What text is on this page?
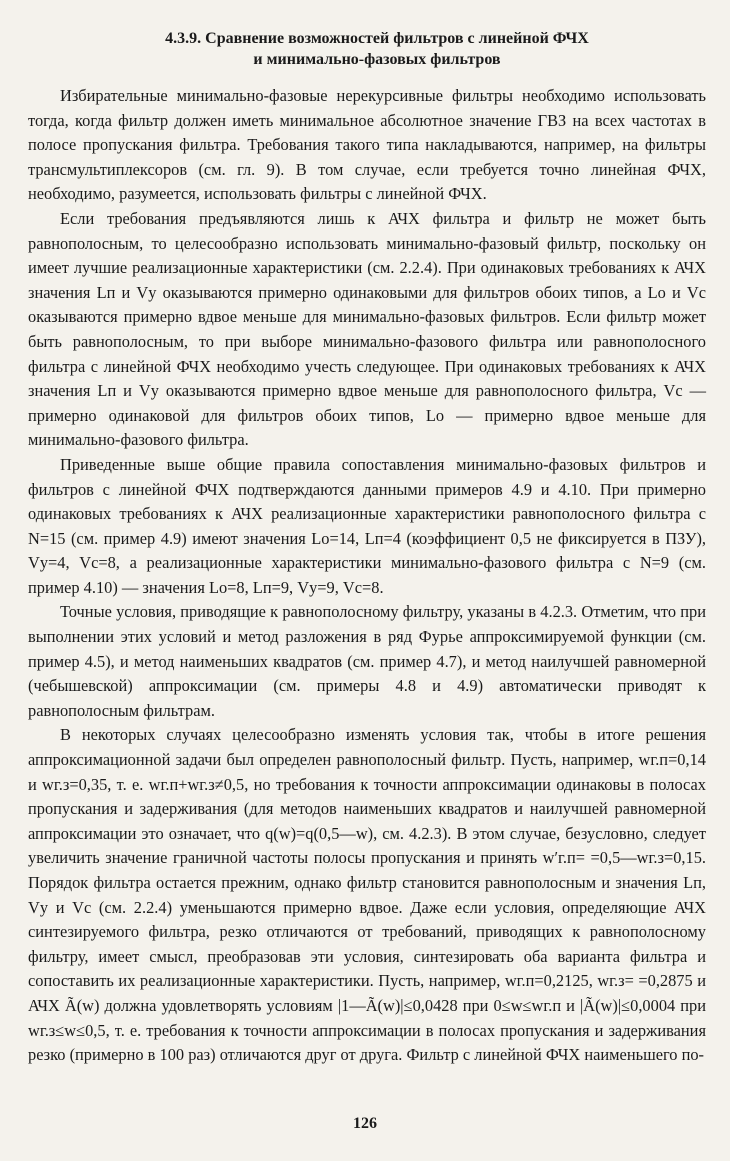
4.3.9. Сравнение возможностей фильтров с линейной ФЧХ
и минимально-фазовых фильтров

Избирательные минимально-фазовые нерекурсивные фильтры необходимо использовать тогда, когда фильтр должен иметь минимальное абсолютное значение ГВЗ на всех частотах в полосе пропускания фильтра. Требования такого типа накладываются, например, на фильтры трансмультиплексоров (см. гл. 9). В том случае, если требуется точно линейная ФЧХ, необходимо, разумеется, использовать фильтры с линейной ФЧХ.

Если требования предъявляются лишь к АЧХ фильтра и фильтр не может быть равнополосным, то целесообразно использовать минимально-фазовый фильтр, поскольку он имеет лучшие реализационные характеристики (см. 2.2.4). При одинаковых требованиях к АЧХ значения Lп и Vу оказываются примерно одинаковыми для фильтров обоих типов, а Lо и Vс оказываются примерно вдвое меньше для минимально-фазовых фильтров. Если фильтр может быть равнополосным, то при выборе минимально-фазового фильтра или равнополосного фильтра с линейной ФЧХ необходимо учесть следующее. При одинаковых требованиях к АЧХ значения Lп и Vу оказываются примерно вдвое меньше для равнополосного фильтра, Vс — примерно одинаковой для фильтров обоих типов, Lо — примерно вдвое меньше для минимально-фазового фильтра.

Приведенные выше общие правила сопоставления минимально-фазовых фильтров и фильтров с линейной ФЧХ подтверждаются данными примеров 4.9 и 4.10. При примерно одинаковых требованиях к АЧХ реализационные характеристики равнополосного фильтра с N=15 (см. пример 4.9) имеют значения Lо=14, Lп=4 (коэффициент 0,5 не фиксируется в ПЗУ), Vу=4, Vс=8, а реализационные характеристики минимально-фазового фильтра с N=9 (см. пример 4.10) — значения Lо=8, Lп=9, Vу=9, Vс=8.

Точные условия, приводящие к равнополосному фильтру, указаны в 4.2.3. Отметим, что при выполнении этих условий и метод разложения в ряд Фурье аппроксимируемой функции (см. пример 4.5), и метод наименьших квадратов (см. пример 4.7), и метод наилучшей равномерной (чебышевской) аппроксимации (см. примеры 4.8 и 4.9) автоматически приводят к равнополосным фильтрам.

В некоторых случаях целесообразно изменять условия так, чтобы в итоге решения аппроксимационной задачи был определен равнополосный фильтр. Пусть, например, wг.п=0,14 и wг.з=0,35, т. е. wг.п+wг.з≠0,5, но требования к точности аппроксимации одинаковы в полосах пропускания и задерживания (для методов наименьших квадратов и наилучшей равномерной аппроксимации это означает, что q(w)=q(0,5—w), см. 4.2.3). В этом случае, безусловно, следует увеличить значение граничной частоты полосы пропускания и принять w′г.п= =0,5—wг.з=0,15. Порядок фильтра остается прежним, однако фильтр становится равнополосным и значения Lп, Vу и Vс (см. 2.2.4) уменьшаются примерно вдвое. Даже если условия, определяющие АЧХ синтезируемого фильтра, резко отличаются от требований, приводящих к равнополосному фильтру, имеет смысл, преобразовав эти условия, синтезировать оба варианта фильтра и сопоставить их реализационные характеристики. Пусть, например, wг.п=0,2125, wг.з= =0,2875 и АЧХ Ã(w) должна удовлетворять условиям |1—Ã(w)|≤0,0428 при 0≤w≤wг.п и |Ã(w)|≤0,0004 при wг.з≤w≤0,5, т. е. требования к точности аппроксимации в полосах пропускания и задерживания резко (примерно в 100 раз) отличаются друг от друга. Фильтр с линейной ФЧХ наименьшего по-

126
